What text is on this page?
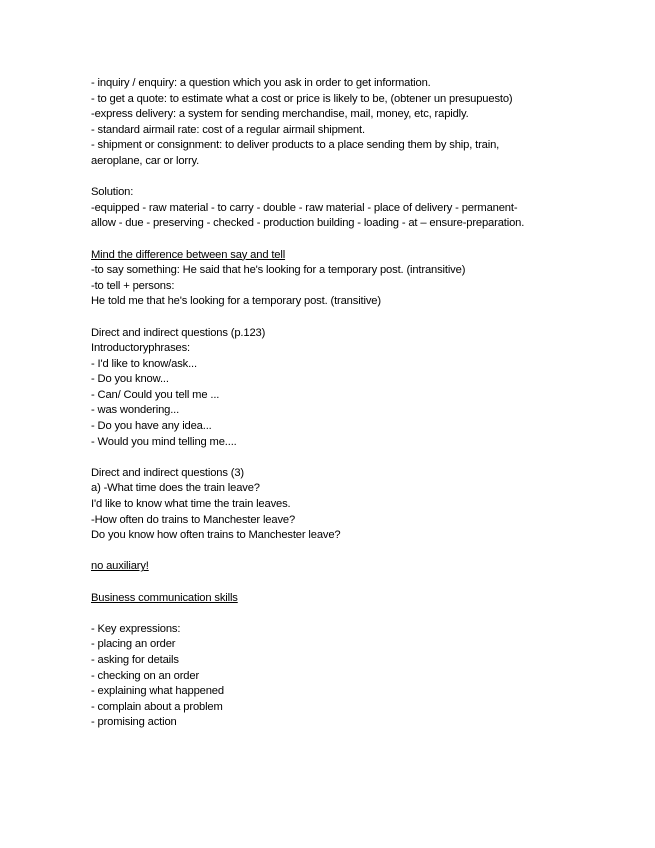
- inquiry / enquiry: a question which you ask in order to get information.
- to get a quote: to estimate what a cost or price is likely to be, (obtener un presupuesto)
-express delivery: a system for sending merchandise, mail, money, etc, rapidly.
- standard airmail rate: cost of a regular airmail shipment.
- shipment or consignment: to deliver products to a place sending them by ship, train,
aeroplane, car or lorry.
Solution:
-equipped - raw material - to carry - double - raw material - place of delivery - permanent-
allow - due - preserving - checked - production building - loading - at – ensure-preparation.
Mind the difference between say and tell
-to say something: He said that he's looking for a temporary post. (intransitive)
-to tell + persons:
He told me that he's looking for a temporary post. (transitive)
Direct and indirect questions (p.123)
Introductoryphrases:
- I'd like to know/ask...
- Do you know...
- Can/ Could you tell me ...
- was wondering...
- Do you have any idea...
- Would you mind telling me....
Direct and indirect questions (3)
a) -What time does the train leave?
I'd like to know what time the train leaves.
-How often do trains to Manchester leave?
Do you know how often trains to Manchester leave?
no auxiliary!
Business communication skills
- Key expressions:
- placing an order
- asking for details
- checking on an order
- explaining what happened
- complain about a problem
- promising action
